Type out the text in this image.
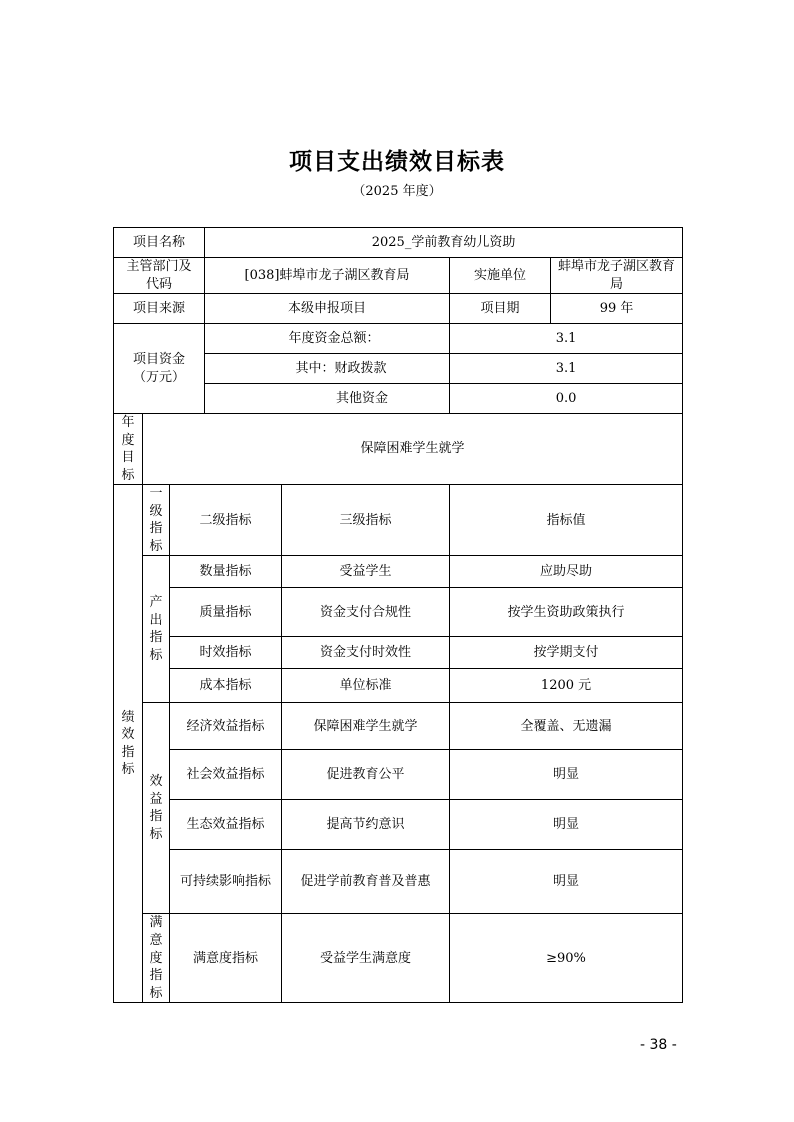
项目支出绩效目标表
（2025 年度）
项目名称			2025_学前教育幼儿资助			
主管部门及代码			[038]蚌埠市龙子湖区教育局		实施单位	蚌埠市龙子湖区教育局
项目来源			本级申报项目		项目期	99 年
项目资金（万元）			年度资金总额：		3.1	
			其中：财政拨款		3.1	
			其他资金		0.0	
年度目标	保障困难学生就学					
绩效指标	一级指标	二级指标		三级指标	指标值	
	产出指标	数量指标		受益学生	应助尽助	
		质量指标		资金支付合规性	按学生资助政策执行	
		时效指标		资金支付时效性	按学期支付	
		成本指标		单位标准	1200 元	
	效益指标	经济效益指标		保障困难学生就学	全覆盖、无遗漏	
		社会效益指标		促进教育公平	明显	
		生态效益指标		提高节约意识	明显	
		可持续影响指标		促进学前教育普及普惠	明显	
	满意度指标	满意度指标		受益学生满意度	≥90%	
- 38 -
